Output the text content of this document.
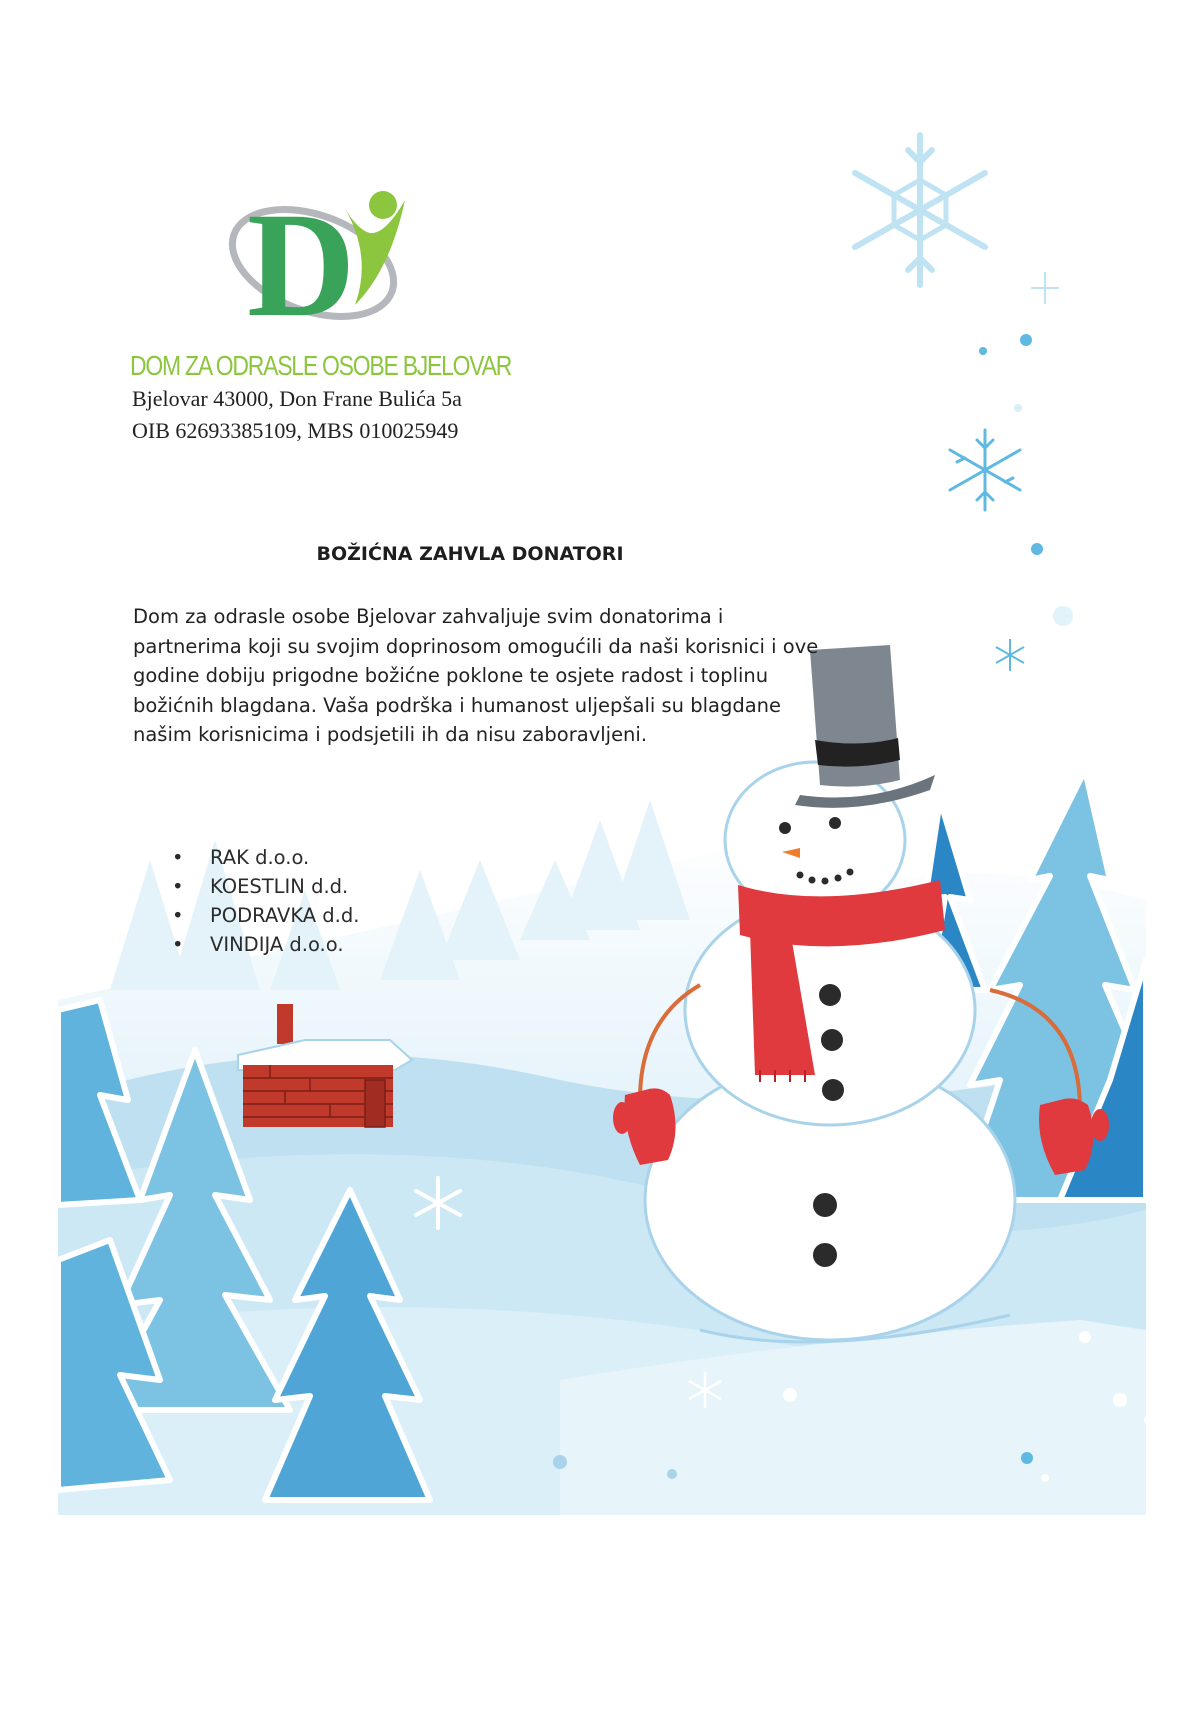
D
DOM ZA ODRASLE OSOBE BJELOVAR
Bjelovar 43000, Don Frane Bulića 5a
OIB 62693385109, MBS 010025949
BOŽIĆNA ZAHVLA DONATORI
Dom za odrasle osobe Bjelovar zahvaljuje svim donatorima i partnerima koji su svojim doprinosom omogućili da naši korisnici i ove godine dobiju prigodne božićne poklone te osjete radost i toplinu božićnih blagdana. Vaša podrška i humanost uljepšali su blagdane našim korisnicima i podsjetili ih da nisu zaboravljeni.
• RAK d.o.o.
• KOESTLIN d.d.
• PODRAVKA d.d.
• VINDIJA d.o.o.
